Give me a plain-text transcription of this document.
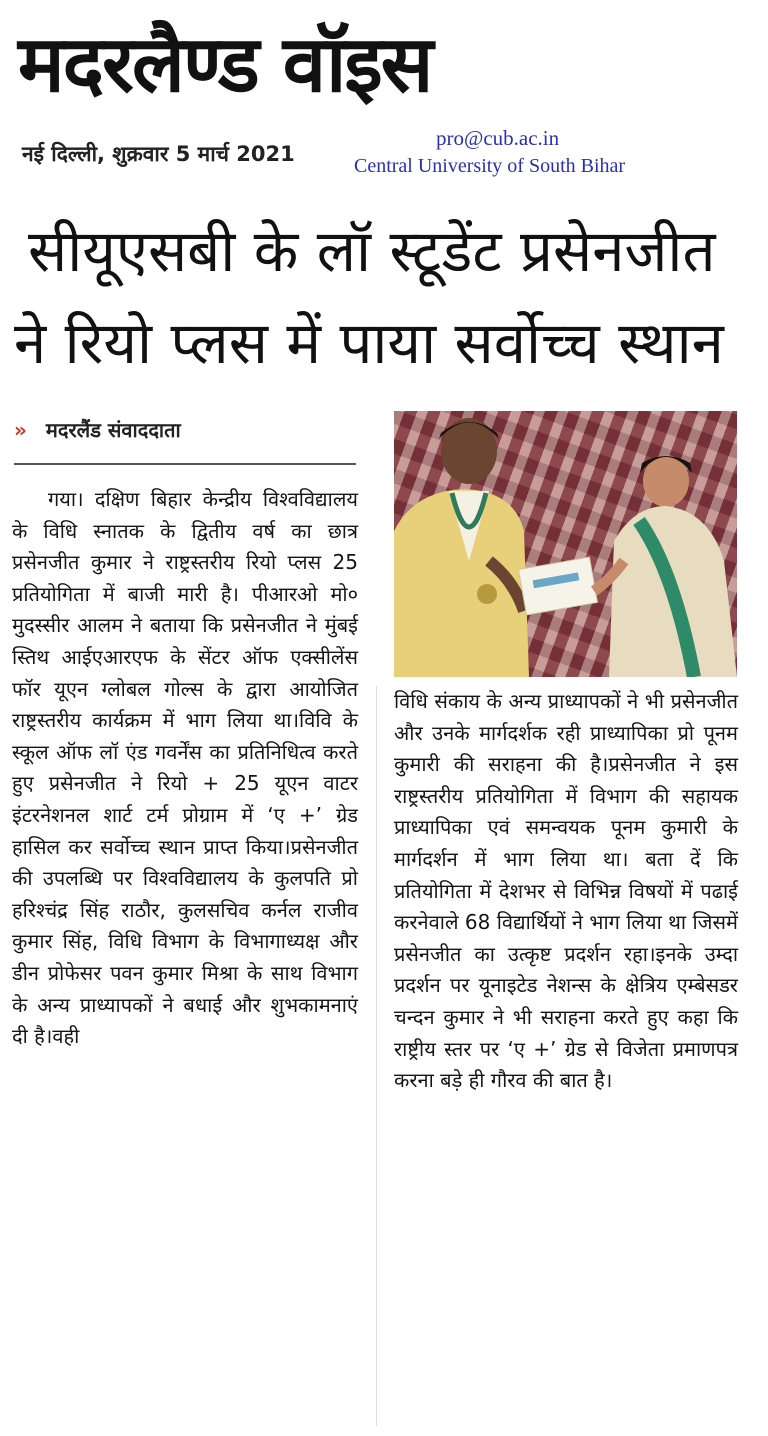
मदरलैण्ड वॉइस
नई दिल्ली, शुक्रवार 5 मार्च 2021
pro@cub.ac.in
Central University of South Bihar
सीयूएसबी के लॉ स्टूडेंट प्रसेनजीत
ने रियो प्लस में पाया सर्वोच्च स्थान
» मदरलैंड संवाददाता
गया। दक्षिण बिहार केन्द्रीय विश्वविद्यालय के विधि स्नातक के द्वितीय वर्ष का छात्र प्रसेनजीत कुमार ने राष्ट्रस्तरीय रियो प्लस 25 प्रतियोगिता में बाजी मारी है। पीआरओ मो० मुदस्सीर आलम ने बताया कि प्रसेनजीत ने मुंबई स्तिथ आईएआरएफ के सेंटर ऑफ एक्सीलेंस फॉर यूएन ग्लोबल गोल्स के द्वारा आयोजित राष्ट्रस्तरीय कार्यक्रम में भाग लिया था।विवि के स्कूल ऑफ लॉ एंड गवर्नेंस का प्रतिनिधित्व करते हुए प्रसेनजीत ने रियो + 25 यूएन वाटर इंटरनेशनल शार्ट टर्म प्रोग्राम में ‘ए +’ ग्रेड हासिल कर सर्वोच्च स्थान प्राप्त किया।प्रसेनजीत की उपलब्धि पर विश्वविद्यालय के कुलपति प्रो हरिश्चंद्र सिंह राठौर, कुलसचिव कर्नल राजीव कुमार सिंह, विधि विभाग के विभागाध्यक्ष और डीन प्रोफेसर पवन कुमार मिश्रा के साथ विभाग के अन्य प्राध्यापकों ने बधाई और शुभकामनाएं दी है।वही
विधि संकाय के अन्य प्राध्यापकों ने भी प्रसेनजीत और उनके मार्गदर्शक रही प्राध्यापिका प्रो पूनम कुमारी की सराहना की है।प्रसेनजीत ने इस राष्ट्रस्तरीय प्रतियोगिता में विभाग की सहायक प्राध्यापिका एवं समन्वयक पूनम कुमारी के मार्गदर्शन में भाग लिया था। बता दें कि प्रतियोगिता में देशभर से विभिन्न विषयों में पढाई करनेवाले 68 विद्यार्थियों ने भाग लिया था जिसमें प्रसेनजीत का उत्कृष्ट प्रदर्शन रहा।इनके उम्दा प्रदर्शन पर यूनाइटेड नेशन्स के क्षेत्रिय एम्बेसडर चन्दन कुमार ने भी सराहना करते हुए कहा कि राष्ट्रीय स्तर पर ‘ए +’ ग्रेड से विजेता प्रमाणपत्र करना बड़े ही गौरव की बात है।
